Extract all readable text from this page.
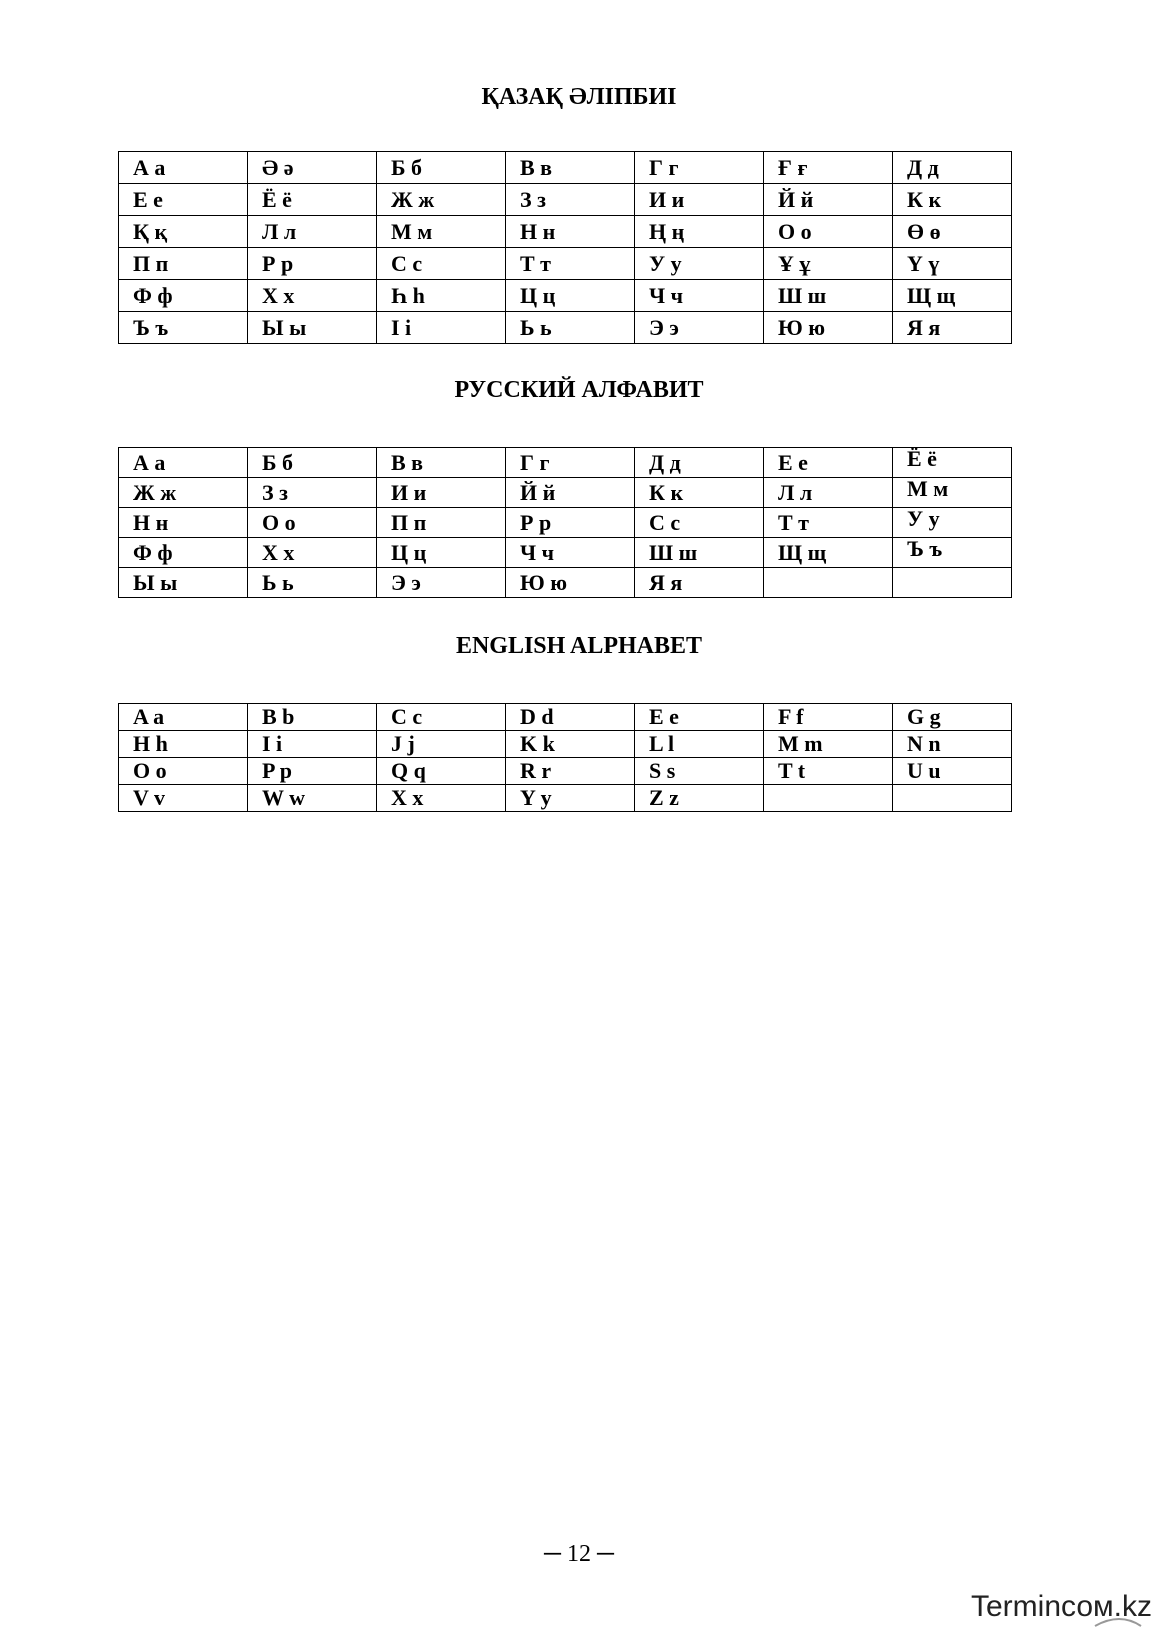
ҚАЗАҚ ӘЛІПБИІ
А а	Ә ә	Б б	В в	Г г	Ғ ғ	Д д
Е е	Ё ё	Ж ж	З з	И и	Й й	К к
Қ қ	Л л	М м	Н н	Ң ң	О о	Ө ө
П п	Р р	С с	Т т	У у	Ұ ұ	Ү ү
Ф ф	Х х	Һ һ	Ц ц	Ч ч	Ш ш	Щ щ
Ъ ъ	Ы ы	І і	Ь ь	Э э	Ю ю	Я я
РУССКИЙ АЛФАВИТ
А а	Б б	В в	Г г	Д д	Е е	Ё ё
Ж ж	З з	И и	Й й	К к	Л л	М м
Н н	О о	П п	Р р	С с	Т т	У у
Ф ф	Х х	Ц ц	Ч ч	Ш ш	Щ щ	Ъ ъ
Ы ы	Ь ь	Э э	Ю ю	Я я		
ENGLISH ALPHABET
A a	B b	C c	D d	E e	F f	G g
H h	I i	J j	K k	L l	M m	N n
O o	P p	Q q	R r	S s	T t	U u
V v	W w	X x	Y y	Z z		
─ 12 ─
Terminсом.kz
